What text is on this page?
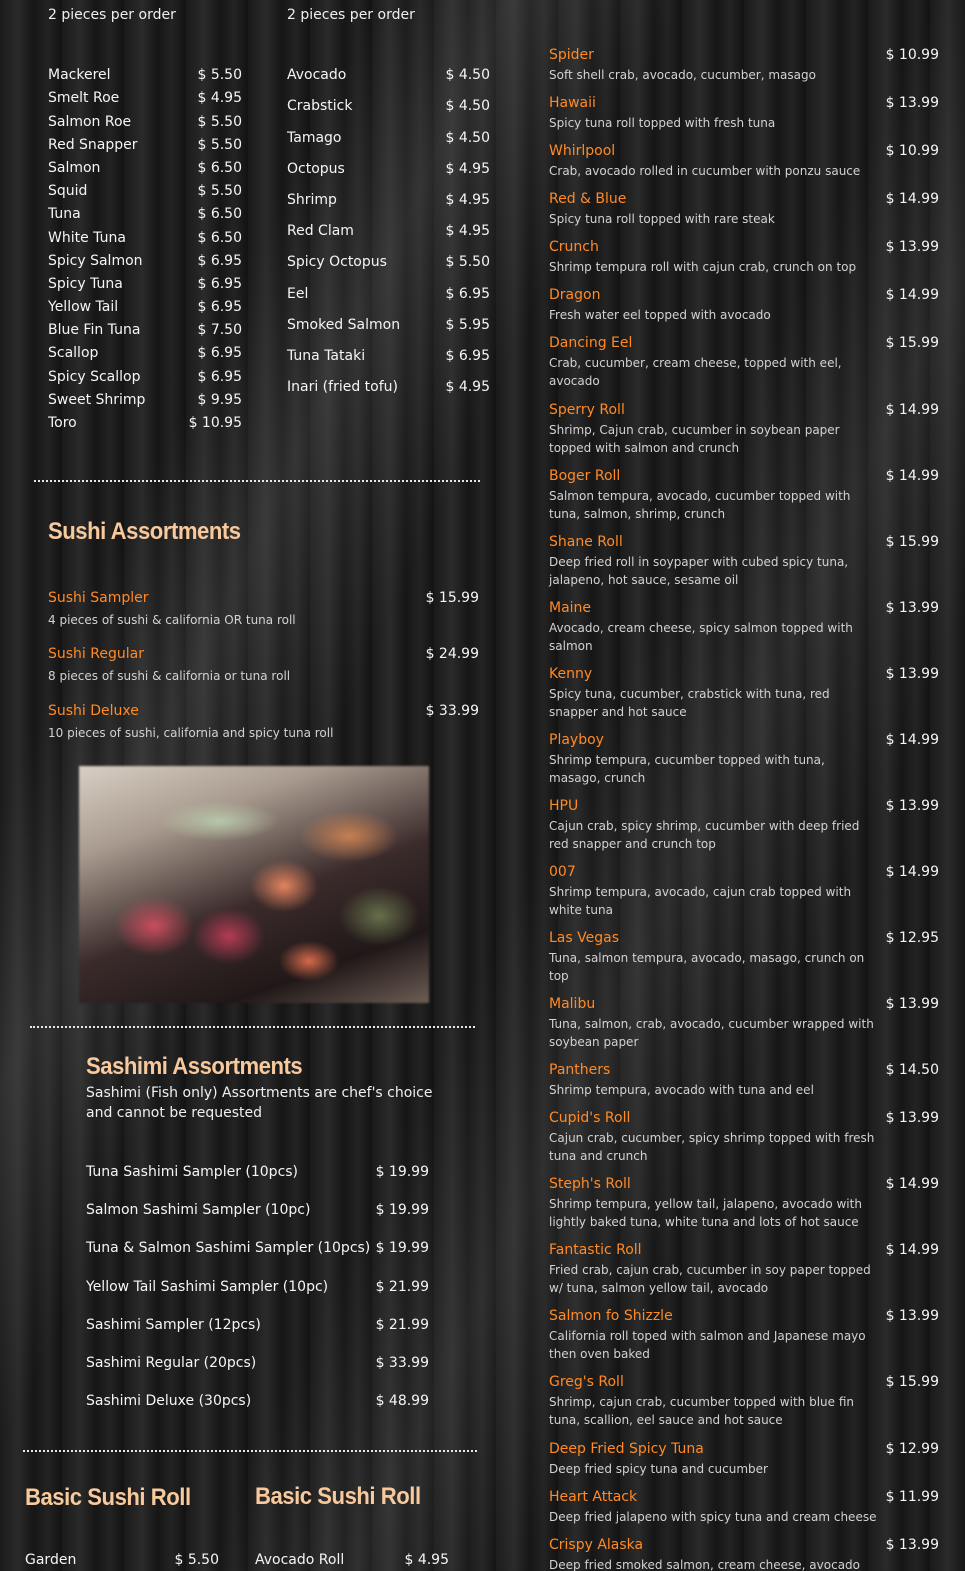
2 pieces per order
Mackerel	$ 5.50
Smelt Roe	$ 4.95
Salmon Roe	$ 5.50
Red Snapper	$ 5.50
Salmon	$ 6.50
Squid	$ 5.50
Tuna	$ 6.50
White Tuna	$ 6.50
Spicy Salmon	$ 6.95
Spicy Tuna	$ 6.95
Yellow Tail	$ 6.95
Blue Fin Tuna	$ 7.50
Scallop	$ 6.95
Spicy Scallop	$ 6.95
Sweet Shrimp	$ 9.95
Toro	$ 10.95
2 pieces per order
Avocado	$ 4.50
Crabstick	$ 4.50
Tamago	$ 4.50
Octopus	$ 4.95
Shrimp	$ 4.95
Red Clam	$ 4.95
Spicy Octopus	$ 5.50
Eel	$ 6.95
Smoked Salmon	$ 5.95
Tuna Tataki	$ 6.95
Inari (fried tofu)	$ 4.95
Sushi Assortments
Sushi Sampler	$ 15.99
4 pieces of sushi & california OR tuna roll
Sushi Regular	$ 24.99
8 pieces of sushi & california or tuna roll
Sushi Deluxe	$ 33.99
10 pieces of sushi, california and spicy tuna roll
Sashimi Assortments
Sashimi (Fish only) Assortments are chef's choice and cannot be requested
Tuna Sashimi Sampler (10pcs)	$ 19.99
Salmon Sashimi Sampler (10pc)	$ 19.99
Tuna & Salmon Sashimi Sampler (10pcs) $ 19.99
Yellow Tail Sashimi Sampler (10pc)	$ 21.99
Sashimi Sampler (12pcs)	$ 21.99
Sashimi Regular (20pcs)	$ 33.99
Sashimi Deluxe (30pcs)	$ 48.99
Basic Sushi Roll	Basic Sushi Roll
Garden	$ 5.50	Avocado Roll	$ 4.95
Spider	$ 10.99
Soft shell crab, avocado, cucumber, masago
Hawaii	$ 13.99
Spicy tuna roll topped with fresh tuna
Whirlpool	$ 10.99
Crab, avocado rolled in cucumber with ponzu sauce
Red & Blue	$ 14.99
Spicy tuna roll topped with rare steak
Crunch	$ 13.99
Shrimp tempura roll with cajun crab, crunch on top
Dragon	$ 14.99
Fresh water eel topped with avocado
Dancing Eel	$ 15.99
Crab, cucumber, cream cheese, topped with eel, avocado
Sperry Roll	$ 14.99
Shrimp, Cajun crab, cucumber in soybean paper topped with salmon and crunch
Boger Roll	$ 14.99
Salmon tempura, avocado, cucumber topped with tuna, salmon, shrimp, crunch
Shane Roll	$ 15.99
Deep fried roll in soypaper with cubed spicy tuna, jalapeno, hot sauce, sesame oil
Maine	$ 13.99
Avocado, cream cheese, spicy salmon topped with salmon
Kenny	$ 13.99
Spicy tuna, cucumber, crabstick with tuna, red snapper and hot sauce
Playboy	$ 14.99
Shrimp tempura, cucumber topped with tuna, masago, crunch
HPU	$ 13.99
Cajun crab, spicy shrimp, cucumber with deep fried red snapper and crunch top
007	$ 14.99
Shrimp tempura, avocado, cajun crab topped with white tuna
Las Vegas	$ 12.95
Tuna, salmon tempura, avocado, masago, crunch on top
Malibu	$ 13.99
Tuna, salmon, crab, avocado, cucumber wrapped with soybean paper
Panthers	$ 14.50
Shrimp tempura, avocado with tuna and eel
Cupid's Roll	$ 13.99
Cajun crab, cucumber, spicy shrimp topped with fresh tuna and crunch
Steph's Roll	$ 14.99
Shrimp tempura, yellow tail, jalapeno, avocado with lightly baked tuna, white tuna and lots of hot sauce
Fantastic Roll	$ 14.99
Fried crab, cajun crab, cucumber in soy paper topped w/ tuna, salmon yellow tail, avocado
Salmon fo Shizzle	$ 13.99
California roll toped with salmon and Japanese mayo then oven baked
Greg's Roll	$ 15.99
Shrimp, cajun crab, cucumber topped with blue fin tuna, scallion, eel sauce and hot sauce
Deep Fried Spicy Tuna	$ 12.99
Deep fried spicy tuna and cucumber
Heart Attack	$ 11.99
Deep fried jalapeno with spicy tuna and cream cheese
Crispy Alaska	$ 13.99
Deep fried smoked salmon, cream cheese, avocado
